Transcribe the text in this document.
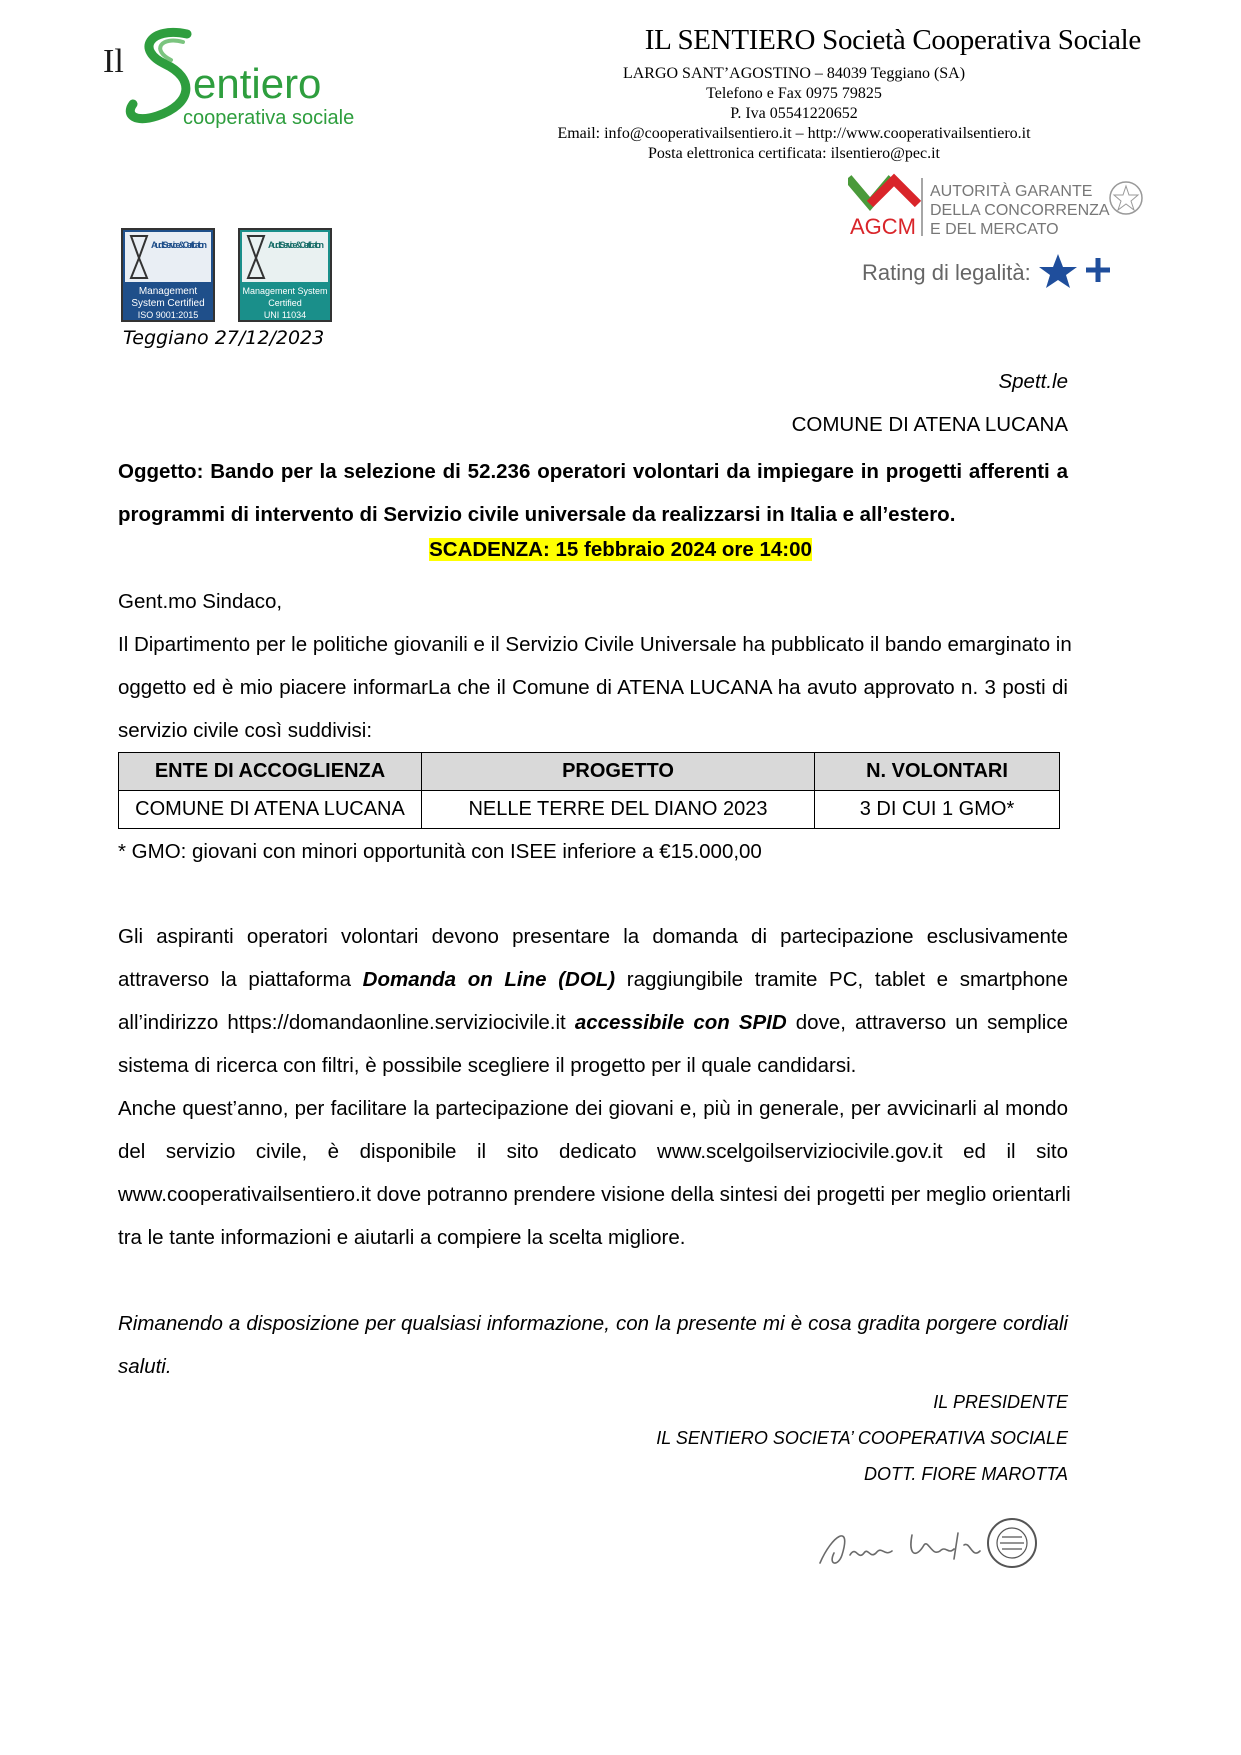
Il entiero
cooperativa sociale
IL SENTIERO Società Cooperativa Sociale
LARGO SANT’AGOSTINO – 84039 Teggiano (SA)
Telefono e Fax 0975 79825
P. Iva 05541220652
Email: info@cooperativailsentiero.it – http://www.cooperativailsentiero.it
Posta elettronica certificata: ilsentiero@pec.it
AGCM
AUTORITÀ GARANTE
DELLA CONCORRENZA
E DEL MERCATO
Rating di legalità:
Audit Service & Certification
Management
System Certified
ISO 9001:2015
Audit Service & Certification
Management System
Certified
UNI 11034
Teggiano 27/12/2023
Spett.le
COMUNE DI ATENA LUCANA
Oggetto: Bando per la selezione di 52.236 operatori volontari da impiegare in progetti afferenti a
programmi di intervento di Servizio civile universale da realizzarsi in Italia e all’estero.
SCADENZA: 15 febbraio 2024 ore 14:00
Gent.mo Sindaco,
Il Dipartimento per le politiche giovanili e il Servizio Civile Universale ha pubblicato il bando emarginato in
oggetto ed è mio piacere informarLa che il Comune di ATENA LUCANA ha avuto approvato n. 3 posti di
servizio civile così suddivisi:
ENTE DI ACCOGLIENZA	PROGETTO	N. VOLONTARI
COMUNE DI ATENA LUCANA	NELLE TERRE DEL DIANO 2023	3 DI CUI 1 GMO*
* GMO: giovani con minori opportunità con ISEE inferiore a €15.000,00
Gli aspiranti operatori volontari devono presentare la domanda di partecipazione esclusivamente
attraverso la piattaforma Domanda on Line (DOL) raggiungibile tramite PC, tablet e smartphone
all’indirizzo https://domandaonline.serviziocivile.it accessibile con SPID dove, attraverso un semplice
sistema di ricerca con filtri, è possibile scegliere il progetto per il quale candidarsi.
Anche quest’anno, per facilitare la partecipazione dei giovani e, più in generale, per avvicinarli al mondo
del servizio civile, è disponibile il sito dedicato www.scelgoilserviziocivile.gov.it ed il sito
www.cooperativailsentiero.it dove potranno prendere visione della sintesi dei progetti per meglio orientarli
tra le tante informazioni e aiutarli a compiere la scelta migliore.
Rimanendo a disposizione per qualsiasi informazione, con la presente mi è cosa gradita porgere cordiali
saluti.
IL PRESIDENTE
IL SENTIERO SOCIETA’ COOPERATIVA SOCIALE
DOTT. FIORE MAROTTA
